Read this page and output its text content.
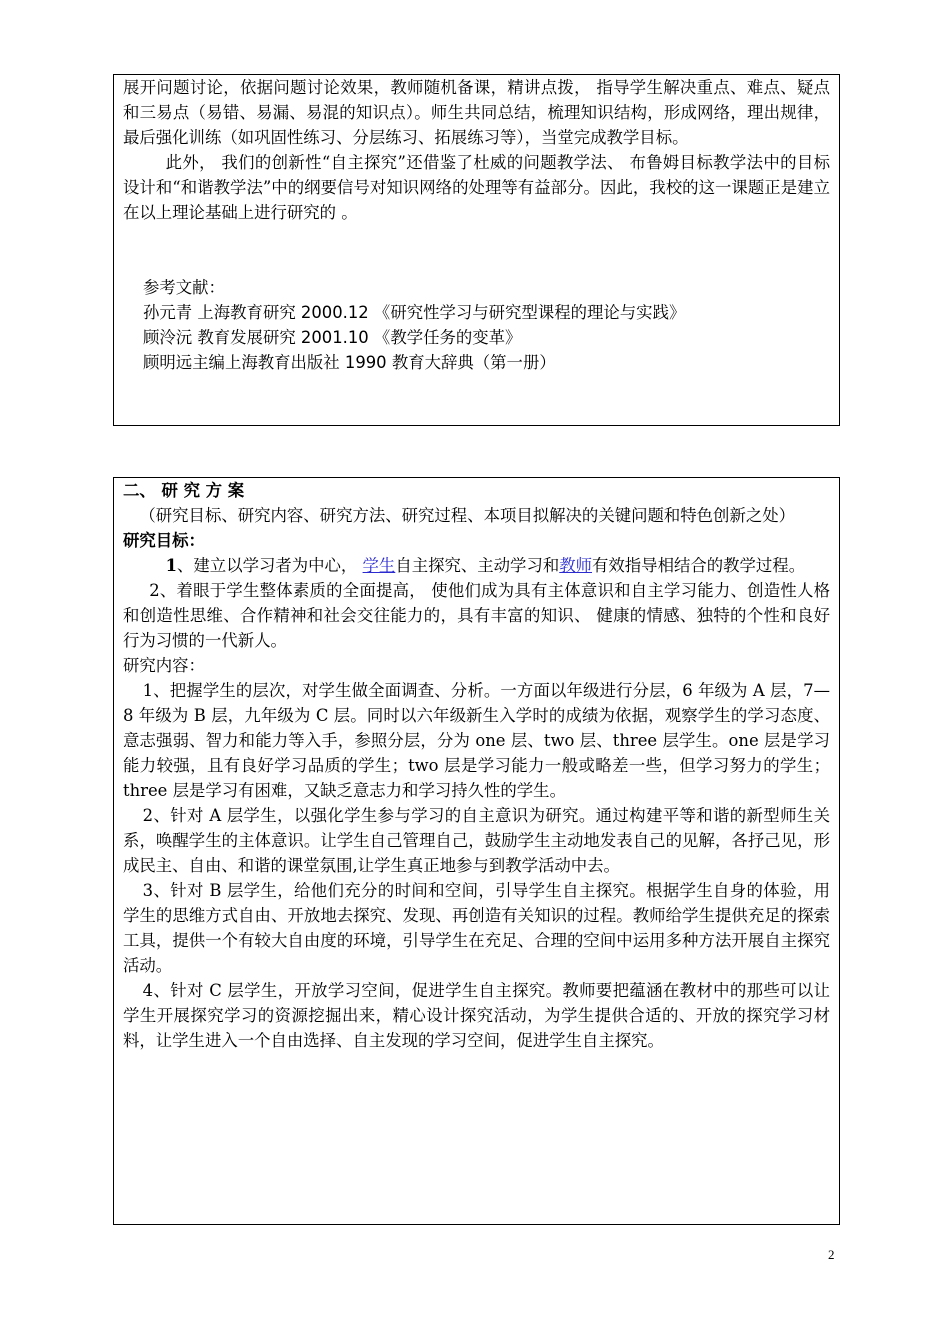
展开问题讨论，依据问题讨论效果，教师随机备课，精讲点拨， 指导学生解决重点、难点、疑点和三易点（易错、易漏、易混的知识点）。师生共同总结，梳理知识结构，形成网络，理出规律，最后强化训练（如巩固性练习、分层练习、拓展练习等），当堂完成教学目标。

此外， 我们的创新性“自主探究”还借鉴了杜威的问题教学法、 布鲁姆目标教学法中的目标设计和“和谐教学法”中的纲要信号对知识网络的处理等有益部分。因此，我校的这一课题正是建立在以上理论基础上进行研究的 。

参考文献：

孙元青 上海教育研究 2000.12 《研究性学习与研究型课程的理论与实践》

顾泠沅 教育发展研究 2001.10 《教学任务的变革》

顾明远主编上海教育出版社 1990 教育大辞典（第一册）

二、 研 究 方 案

（研究目标、研究内容、研究方法、研究过程、本项目拟解决的关键问题和特色创新之处）

研究目标：

1、建立以学习者为中心， 学生自主探究、主动学习和教师有效指导相结合的教学过程。

2、着眼于学生整体素质的全面提高， 使他们成为具有主体意识和自主学习能力、创造性人格和创造性思维、合作精神和社会交往能力的，具有丰富的知识、 健康的情感、独特的个性和良好行为习惯的一代新人。

研究内容：

1、把握学生的层次，对学生做全面调查、分析。一方面以年级进行分层，6 年级为 A 层，7—8 年级为 B 层，九年级为 C 层。同时以六年级新生入学时的成绩为依据，观察学生的学习态度、意志强弱、智力和能力等入手，参照分层，分为 one 层、two 层、three 层学生。one 层是学习能力较强，且有良好学习品质的学生；two 层是学习能力一般或略差一些，但学习努力的学生；three 层是学习有困难，又缺乏意志力和学习持久性的学生。

2、针对 A 层学生，以强化学生参与学习的自主意识为研究。通过构建平等和谐的新型师生关系，唤醒学生的主体意识。让学生自己管理自己，鼓励学生主动地发表自己的见解，各抒己见，形成民主、自由、和谐的课堂氛围,让学生真正地参与到教学活动中去。

3、针对 B 层学生，给他们充分的时间和空间，引导学生自主探究。根据学生自身的体验，用学生的思维方式自由、开放地去探究、发现、再创造有关知识的过程。教师给学生提供充足的探索工具，提供一个有较大自由度的环境，引导学生在充足、合理的空间中运用多种方法开展自主探究活动。

4、针对 C 层学生，开放学习空间，促进学生自主探究。教师要把蕴涵在教材中的那些可以让学生开展探究学习的资源挖掘出来，精心设计探究活动，为学生提供合适的、开放的探究学习材料，让学生进入一个自由选择、自主发现的学习空间，促进学生自主探究。

2
